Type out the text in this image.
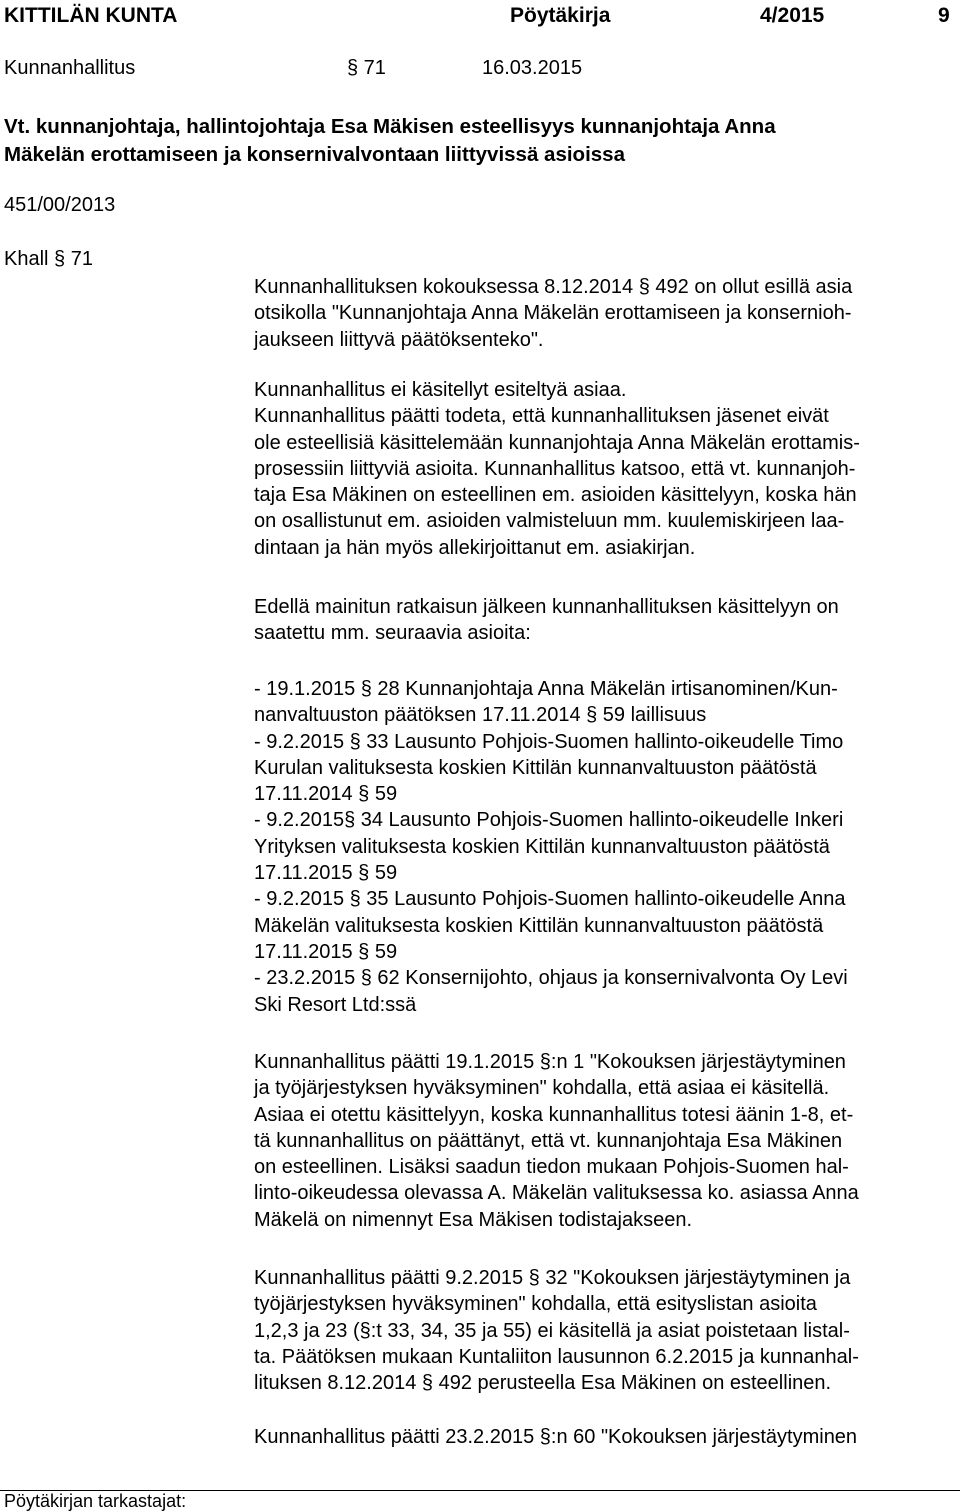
KITTILÄN KUNTA	Pöytäkirja	4/2015	9
Kunnanhallitus	§ 71	16.03.2015
Vt. kunnanjohtaja, hallintojohtaja Esa Mäkisen esteellisyys kunnanjohtaja Anna
Mäkelän erottamiseen ja konsernivalvontaan liittyvissä asioissa
451/00/2013
Khall § 71
Kunnanhallituksen kokouksessa 8.12.2014 § 492 on ollut esillä asia
otsikolla "Kunnanjohtaja Anna Mäkelän erottamiseen ja konsernioh-
jaukseen liittyvä päätöksenteko".
Kunnanhallitus ei käsitellyt esiteltyä asiaa.
Kunnanhallitus päätti todeta, että kunnanhallituksen jäsenet eivät
ole esteellisiä käsittelemään kunnanjohtaja Anna Mäkelän erottamis-
prosessiin liittyviä asioita. Kunnanhallitus katsoo, että vt. kunnanjoh-
taja Esa Mäkinen on esteellinen em. asioiden käsittelyyn, koska hän
on osallistunut em. asioiden valmisteluun mm. kuulemiskirjeen laa-
dintaan ja hän myös allekirjoittanut em. asiakirjan.
Edellä mainitun ratkaisun jälkeen kunnanhallituksen käsittelyyn on
saatettu mm. seuraavia asioita:
- 19.1.2015 § 28 Kunnanjohtaja Anna Mäkelän irtisanominen/Kun-
nanvaltuuston päätöksen 17.11.2014 § 59 laillisuus
- 9.2.2015 § 33 Lausunto Pohjois-Suomen hallinto-oikeudelle Timo
Kurulan valituksesta koskien Kittilän kunnanvaltuuston päätöstä
17.11.2014 § 59
- 9.2.2015§ 34 Lausunto Pohjois-Suomen hallinto-oikeudelle Inkeri
Yrityksen valituksesta koskien Kittilän kunnanvaltuuston päätöstä
17.11.2015 § 59
- 9.2.2015 § 35 Lausunto Pohjois-Suomen hallinto-oikeudelle Anna
Mäkelän valituksesta koskien Kittilän kunnanvaltuuston päätöstä
17.11.2015 § 59
- 23.2.2015 § 62 Konsernijohto, ohjaus ja konsernivalvonta Oy Levi
Ski Resort Ltd:ssä
Kunnanhallitus päätti 19.1.2015 §:n 1 "Kokouksen järjestäytyminen
ja työjärjestyksen hyväksyminen" kohdalla, että asiaa ei käsitellä.
Asiaa ei otettu käsittelyyn, koska kunnanhallitus totesi äänin 1-8, et-
tä kunnanhallitus on päättänyt, että vt. kunnanjohtaja Esa Mäkinen
on esteellinen. Lisäksi saadun tiedon mukaan Pohjois-Suomen hal-
linto-oikeudessa olevassa A. Mäkelän valituksessa ko. asiassa Anna
Mäkelä on nimennyt Esa Mäkisen todistajakseen.
Kunnanhallitus päätti 9.2.2015 § 32 "Kokouksen järjestäytyminen ja
työjärjestyksen hyväksyminen" kohdalla, että esityslistan asioita
1,2,3 ja 23 (§:t 33, 34, 35 ja 55) ei käsitellä ja asiat poistetaan listal-
ta. Päätöksen mukaan Kuntaliiton lausunnon 6.2.2015 ja kunnanhal-
lituksen 8.12.2014 § 492 perusteella Esa Mäkinen on esteellinen.
Kunnanhallitus päätti 23.2.2015 §:n 60 "Kokouksen järjestäytyminen
Pöytäkirjan tarkastajat:
